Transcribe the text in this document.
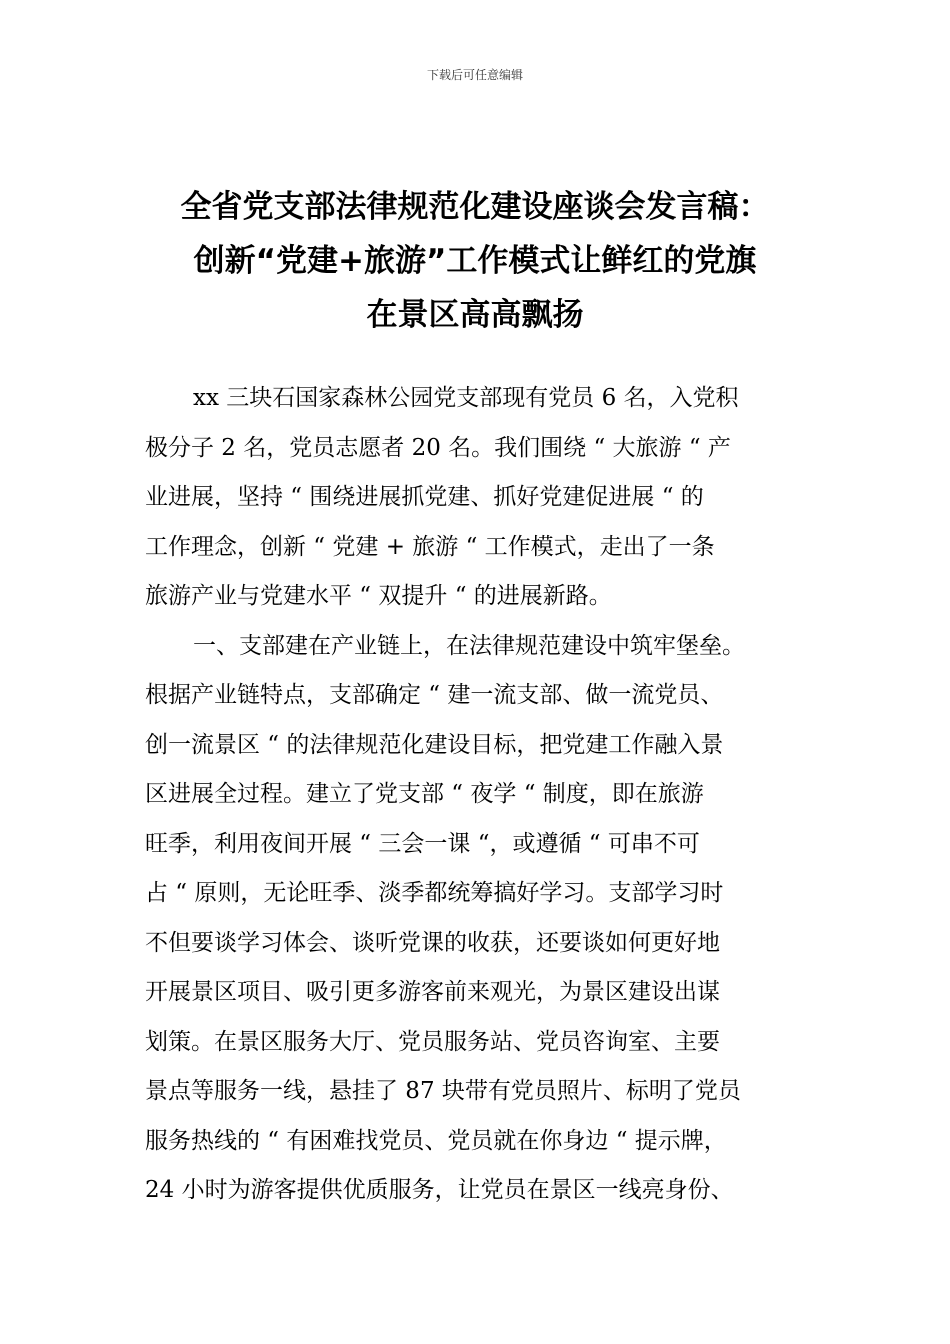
下载后可任意编辑
全省党支部法律规范化建设座谈会发言稿：
创新“党建+旅游”工作模式让鲜红的党旗
在景区高高飘扬
xx 三块石国家森林公园党支部现有党员 6 名，入党积
极分子 2 名，党员志愿者 20 名。我们围绕 “ 大旅游 “ 产
业进展，坚持 “ 围绕进展抓党建、抓好党建促进展 “ 的
工作理念，创新 “ 党建 + 旅游 “ 工作模式，走出了一条
旅游产业与党建水平 “ 双提升 “ 的进展新路。
一、支部建在产业链上，在法律规范建设中筑牢堡垒。
根据产业链特点，支部确定 “ 建一流支部、做一流党员、
创一流景区 “ 的法律规范化建设目标，把党建工作融入景
区进展全过程。建立了党支部 “ 夜学 “ 制度，即在旅游
旺季，利用夜间开展 “ 三会一课 “，或遵循 “ 可串不可
占 “ 原则，无论旺季、淡季都统筹搞好学习。支部学习时
不但要谈学习体会、谈听党课的收获，还要谈如何更好地
开展景区项目、吸引更多游客前来观光，为景区建设出谋
划策。在景区服务大厅、党员服务站、党员咨询室、主要
景点等服务一线，悬挂了 87 块带有党员照片、标明了党员
服务热线的 “ 有困难找党员、党员就在你身边 “ 提示牌，
24 小时为游客提供优质服务，让党员在景区一线亮身份、
